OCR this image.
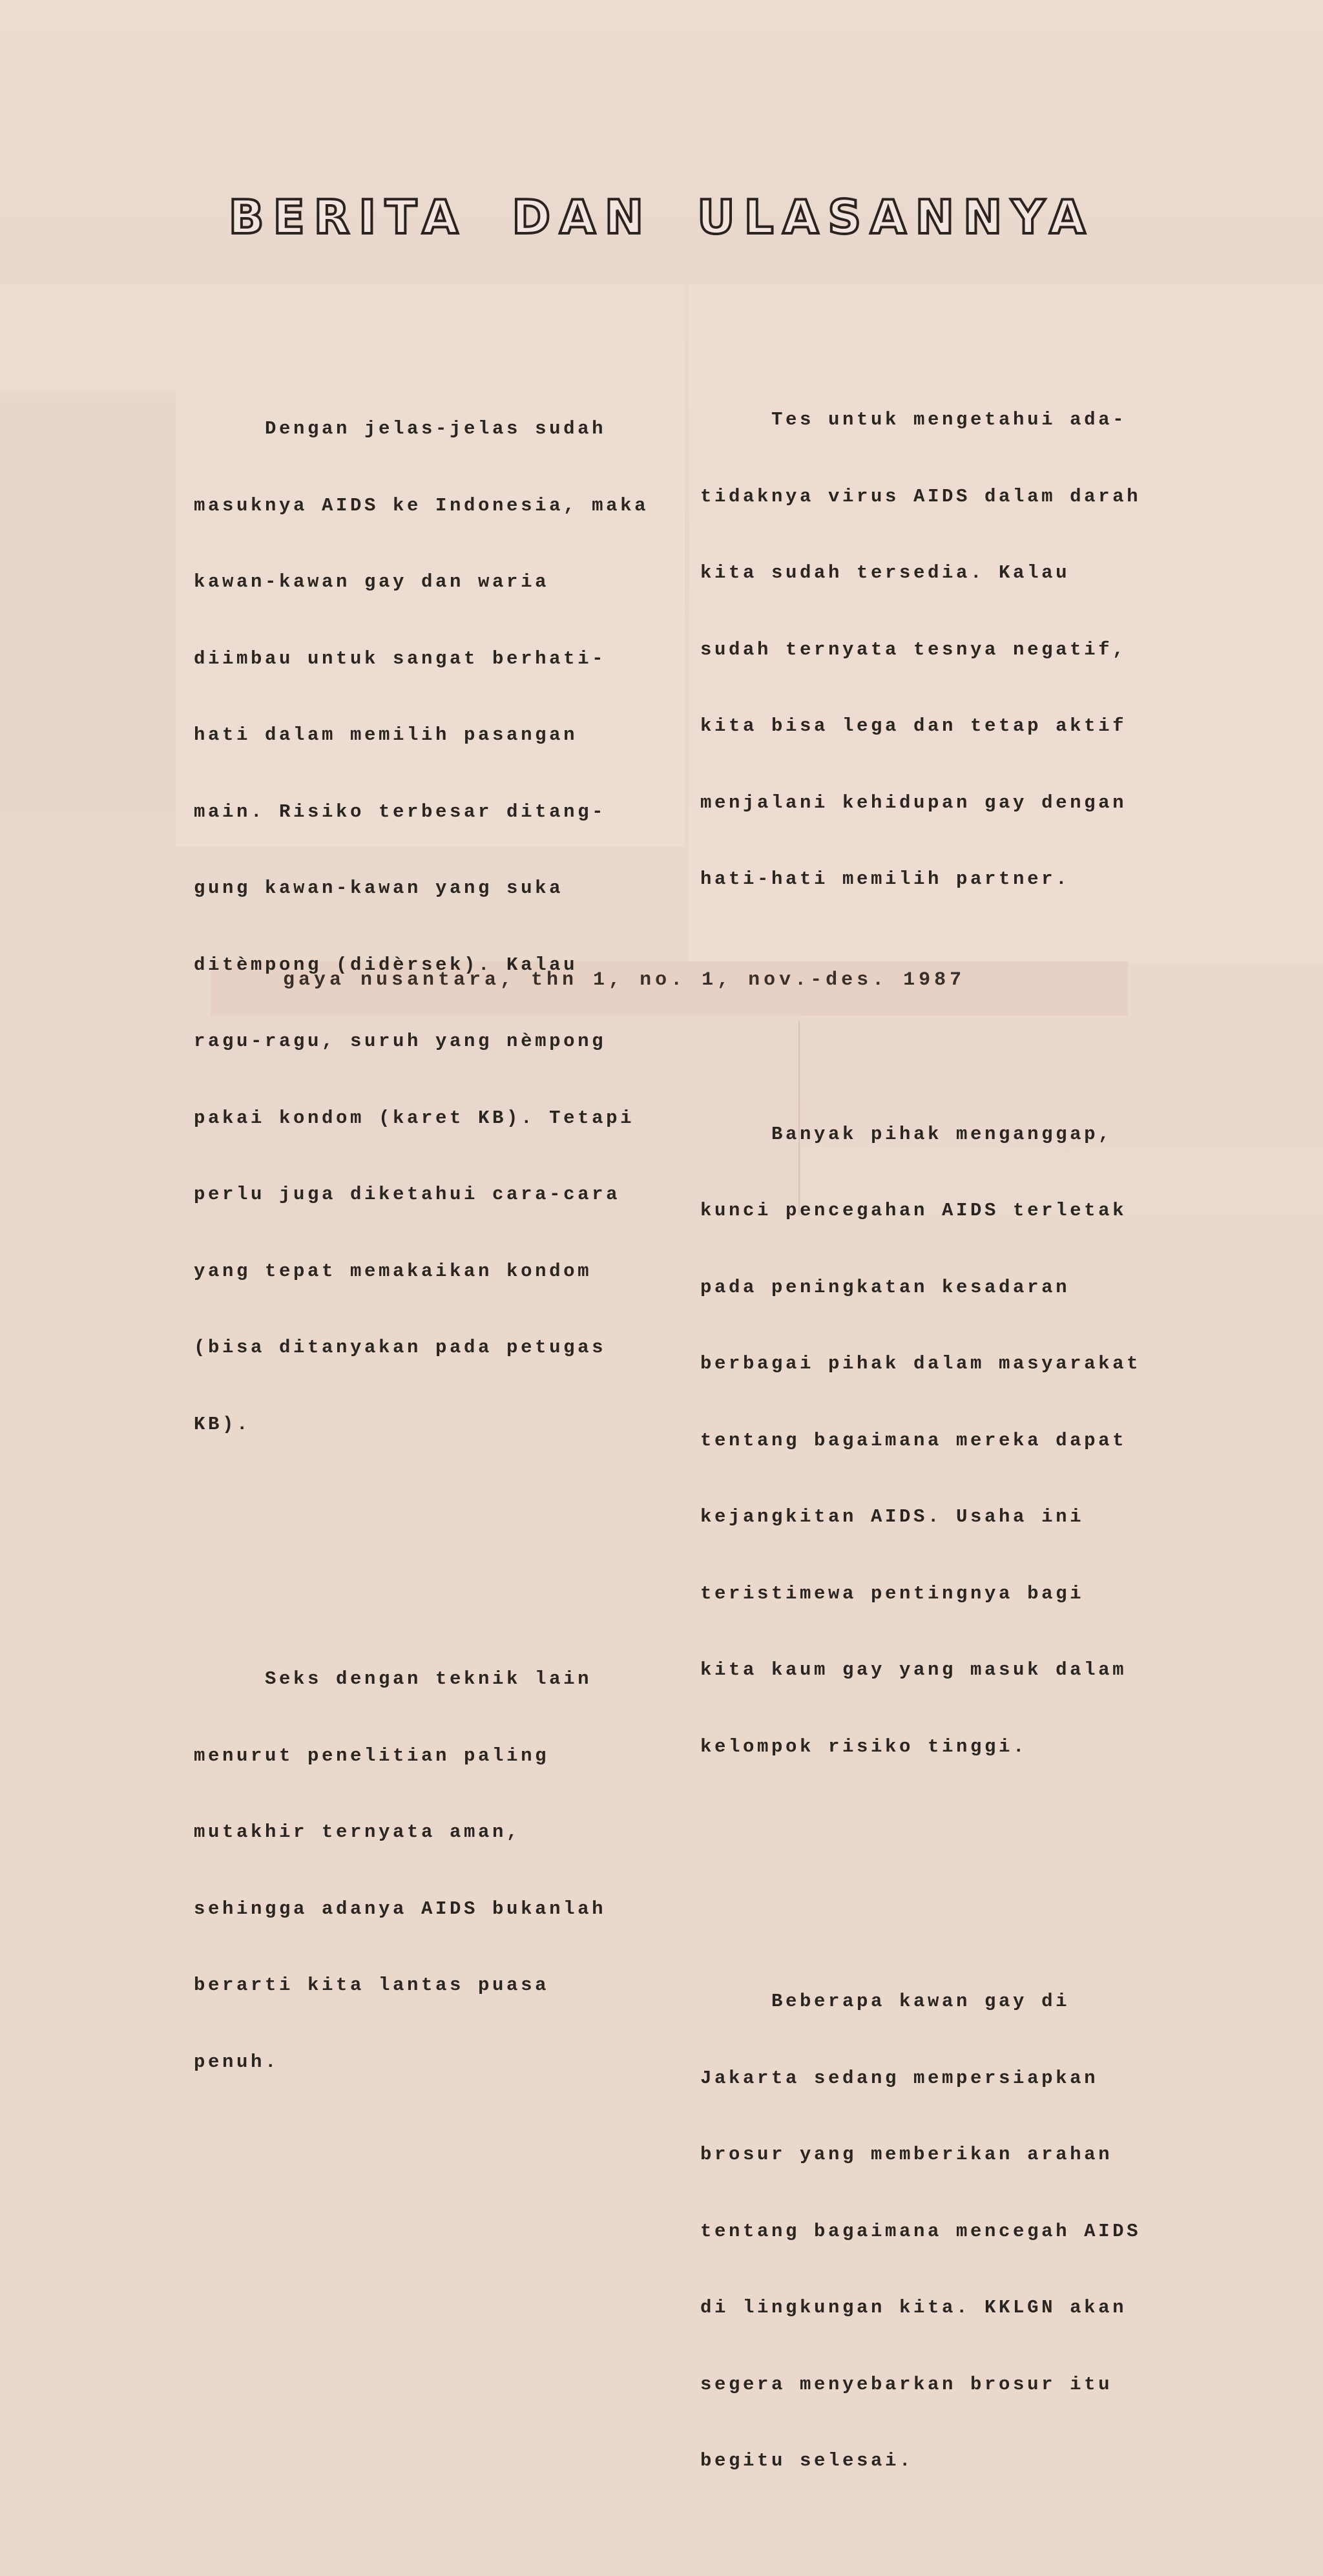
BERITA DAN ULASANNYA

Dengan jelas-jelas sudah

masuknya AIDS ke Indonesia, maka

kawan-kawan gay dan waria

diimbau untuk sangat berhati-

hati dalam memilih pasangan

main. Risiko terbesar ditang-

gung kawan-kawan yang suka

ditèmpong (didèrsek). Kalau

ragu-ragu, suruh yang nèmpong

pakai kondom (karet KB). Tetapi

perlu juga diketahui cara-cara

yang tepat memakaikan kondom

(bisa ditanyakan pada petugas

KB).

Seks dengan teknik lain

menurut penelitian paling

mutakhir ternyata aman,

sehingga adanya AIDS bukanlah

berarti kita lantas puasa

penuh.

Tes untuk mengetahui ada-

tidaknya virus AIDS dalam darah

kita sudah tersedia. Kalau

sudah ternyata tesnya negatif,

kita bisa lega dan tetap aktif

menjalani kehidupan gay dengan

hati-hati memilih partner.

Banyak pihak menganggap,

kunci pencegahan AIDS terletak

pada peningkatan kesadaran

berbagai pihak dalam masyarakat

tentang bagaimana mereka dapat

kejangkitan AIDS. Usaha ini

teristimewa pentingnya bagi

kita kaum gay yang masuk dalam

kelompok risiko tinggi.

Beberapa kawan gay di

Jakarta sedang mempersiapkan

brosur yang memberikan arahan

tentang bagaimana mencegah AIDS

di lingkungan kita. KKLGN akan

segera menyebarkan brosur itu

begitu selesai.

gaya nusantara, thn 1, no. 1, nov.-des. 1987
